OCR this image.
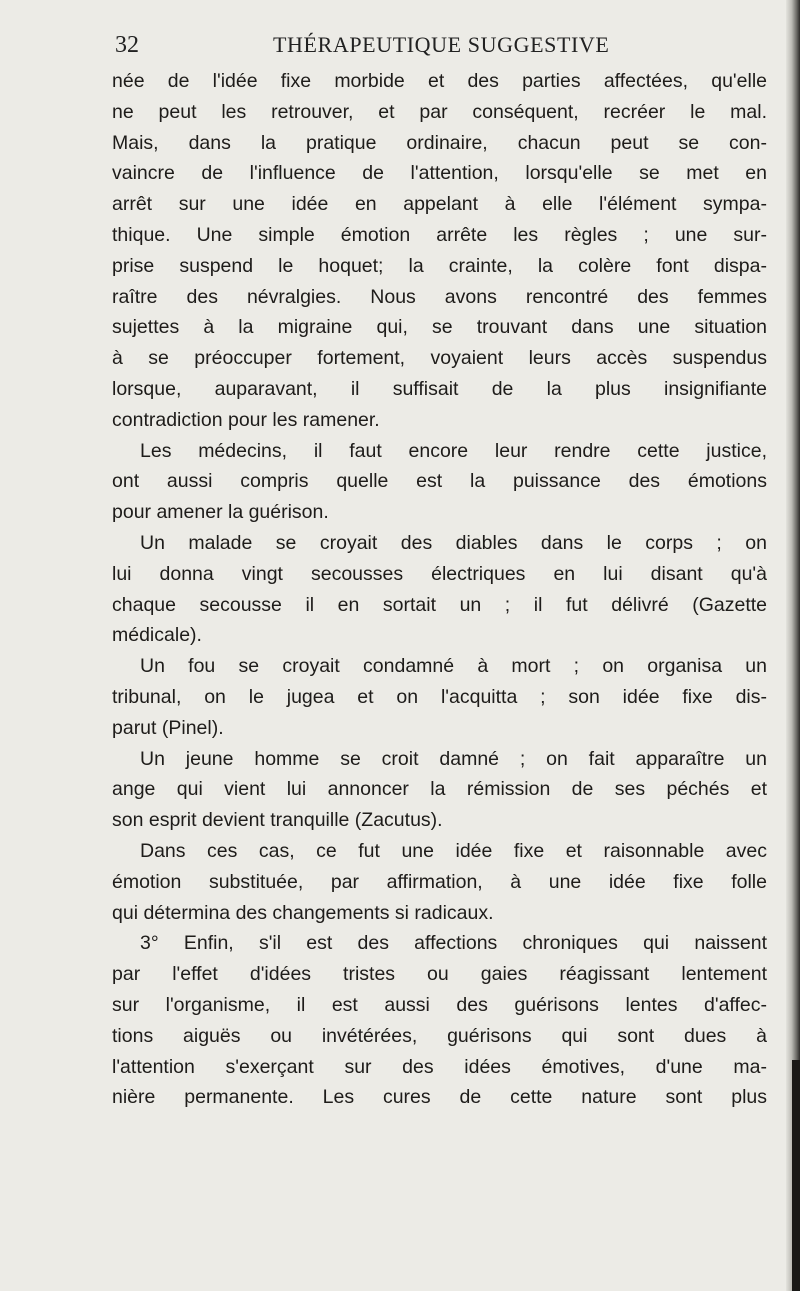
32	THÉRAPEUTIQUE SUGGESTIVE
née de l'idée fixe morbide et des parties affectées, qu'elle
ne peut les retrouver, et par conséquent, recréer le mal.
Mais, dans la pratique ordinaire, chacun peut se con-
vaincre de l'influence de l'attention, lorsqu'elle se met en
arrêt sur une idée en appelant à elle l'élément sympa-
thique. Une simple émotion arrête les règles ; une sur-
prise suspend le hoquet; la crainte, la colère font dispa-
raître des névralgies. Nous avons rencontré des femmes
sujettes à la migraine qui, se trouvant dans une situation
à se préoccuper fortement, voyaient leurs accès suspendus
lorsque, auparavant, il suffisait de la plus insignifiante
contradiction pour les ramener.
Les médecins, il faut encore leur rendre cette justice,
ont aussi compris quelle est la puissance des émotions
pour amener la guérison.
Un malade se croyait des diables dans le corps ; on
lui donna vingt secousses électriques en lui disant qu'à
chaque secousse il en sortait un ; il fut délivré (Gazette
médicale).
Un fou se croyait condamné à mort ; on organisa un
tribunal, on le jugea et on l'acquitta ; son idée fixe dis-
parut (Pinel).
Un jeune homme se croit damné ; on fait apparaître un
ange qui vient lui annoncer la rémission de ses péchés et
son esprit devient tranquille (Zacutus).
Dans ces cas, ce fut une idée fixe et raisonnable avec
émotion substituée, par affirmation, à une idée fixe folle
qui détermina des changements si radicaux.
3° Enfin, s'il est des affections chroniques qui naissent
par l'effet d'idées tristes ou gaies réagissant lentement
sur l'organisme, il est aussi des guérisons lentes d'affec-
tions aiguës ou invétérées, guérisons qui sont dues à
l'attention s'exerçant sur des idées émotives, d'une ma-
nière permanente. Les cures de cette nature sont plus
